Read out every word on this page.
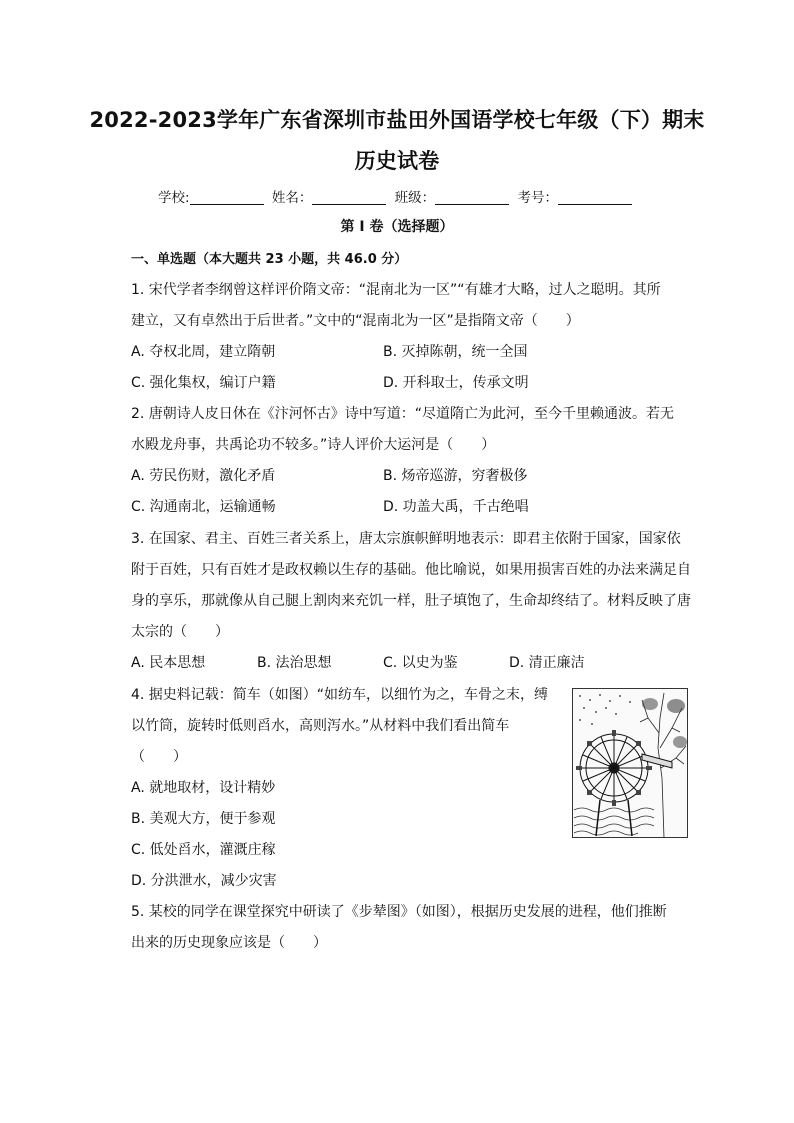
2022-2023学年广东省深圳市盐田外国语学校七年级（下）期末
历史试卷
学校:	姓名：	班级：	考号：
第 I 卷（选择题）
一、单选题（本大题共 23 小题，共 46.0 分）
1. 宋代学者李纲曾这样评价隋文帝：“混南北为一区”“有雄才大略，过人之聪明。其所
建立，又有卓然出于后世者。”文中的“混南北为一区”是指隋文帝（　　）
A. 夺权北周，建立隋朝	B. 灭掉陈朝，统一全国
C. 强化集权，编订户籍	D. 开科取士，传承文明
2. 唐朝诗人皮日休在《汴河怀古》诗中写道：“尽道隋亡为此河，至今千里赖通波。若无
水殿龙舟事，共禹论功不较多。”诗人评价大运河是（　　）
A. 劳民伤财，激化矛盾	B. 炀帝巡游，穷奢极侈
C. 沟通南北，运输通畅	D. 功盖大禹，千古绝唱
3. 在国家、君主、百姓三者关系上，唐太宗旗帜鲜明地表示：即君主依附于国家，国家依
附于百姓，只有百姓才是政权赖以生存的基础。他比喻说，如果用损害百姓的办法来满足自
身的享乐，那就像从自己腿上割肉来充饥一样，肚子填饱了，生命却终结了。材料反映了唐
太宗的（　　）
A. 民本思想	B. 法治思想	C. 以史为鉴	D. 清正廉洁
4. 据史料记载：简车（如图）“如纺车，以细竹为之，车骨之末，缚
以竹筒，旋转时低则舀水，高则泻水。”从材料中我们看出简车
（　　）
A. 就地取材，设计精妙
B. 美观大方，便于参观
C. 低处舀水，灌溉庄稼
D. 分洪泄水，减少灾害
5. 某校的同学在课堂探究中研读了《步辇图》（如图），根据历史发展的进程，他们推断
出来的历史现象应该是（　　）
